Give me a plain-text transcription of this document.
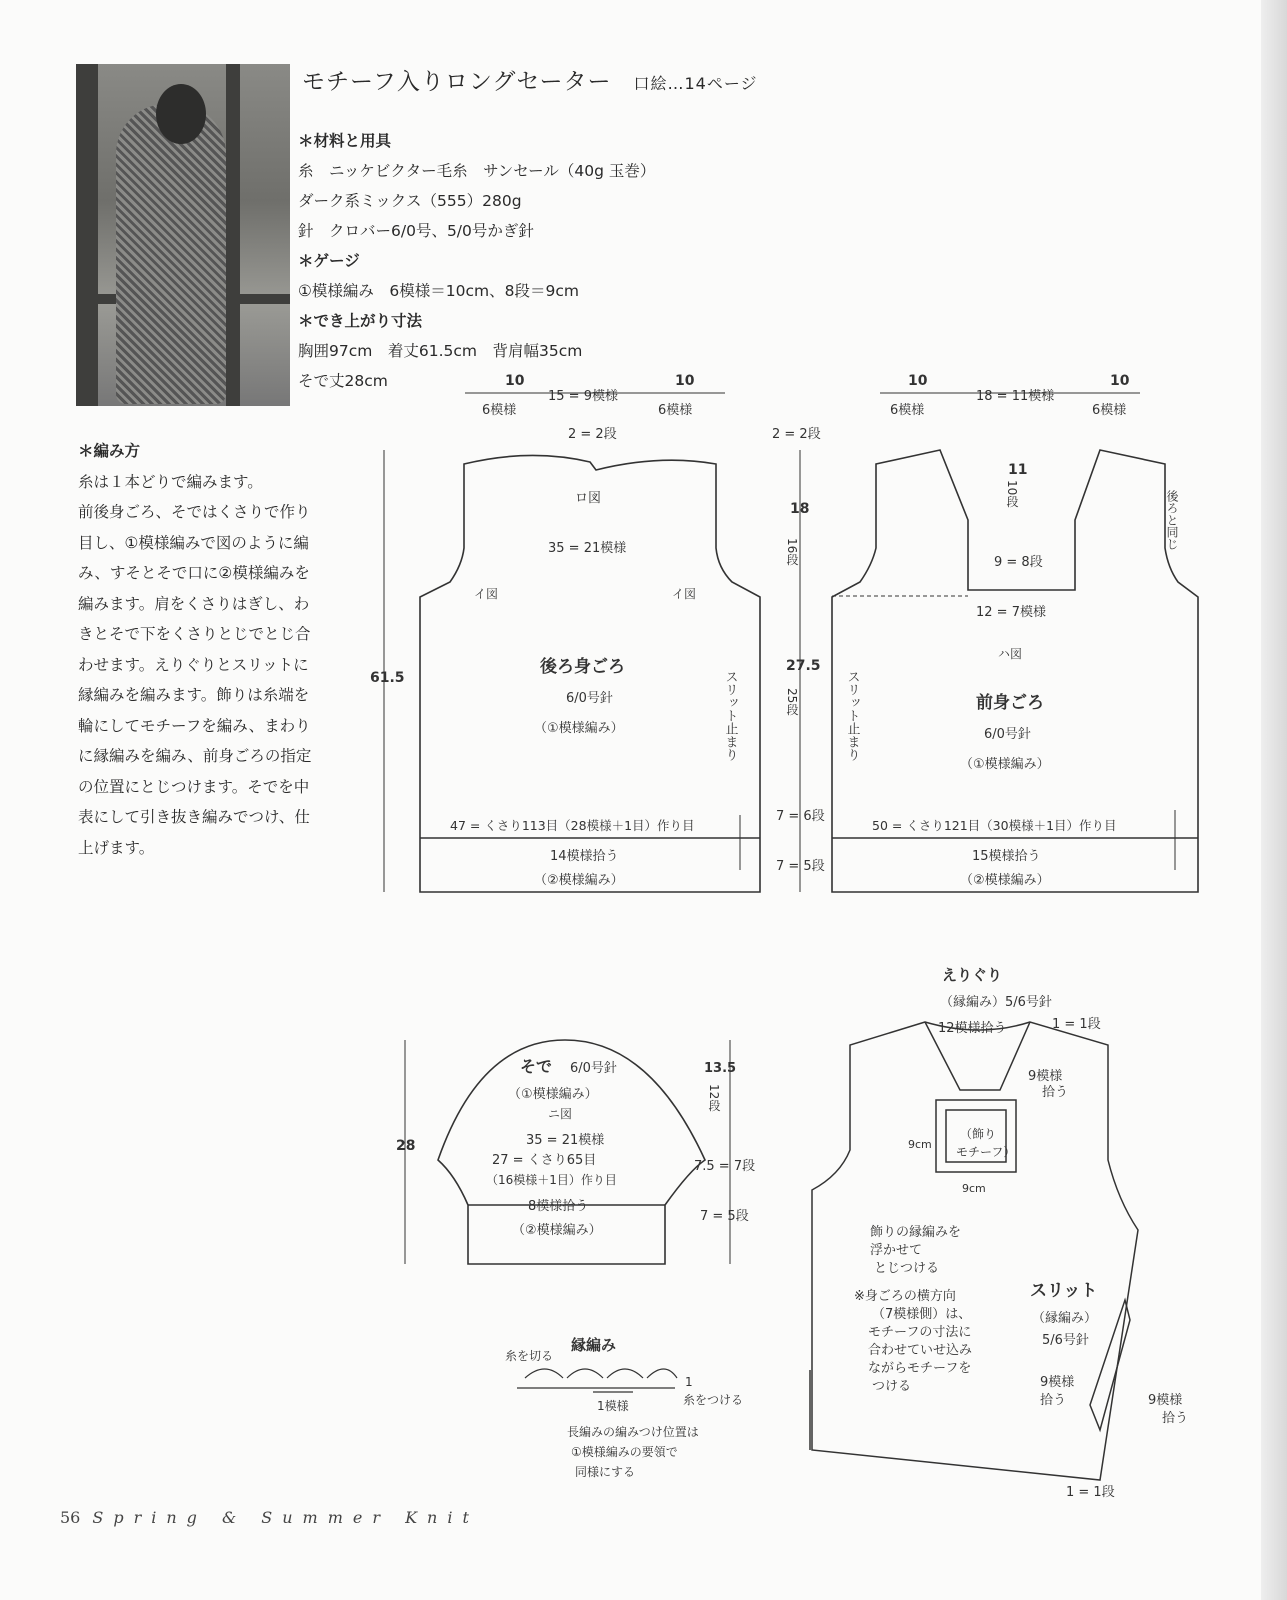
モチーフ入りロングセーター 口絵…14ページ
＊材料と用具
糸　ニッケビクター毛糸　サンセール（40g 玉巻）
ダーク系ミックス（555）280g
針　クロバー6/0号、5/0号かぎ針
＊ゲージ
①模様編み　6模様＝10cm、8段＝9cm
＊でき上がり寸法
胸囲97cm　着丈61.5cm　背肩幅35cm
そで丈28cm
＊編み方
糸は１本どりで編みます。
前後身ごろ、そではくさりで作り
目し、①模様編みで図のように編
み、すそとそで口に②模様編みを
編みます。肩をくさりはぎし、わ
きとそで下をくさりとじでとじ合
わせます。えりぐりとスリットに
縁編みを編みます。飾りは糸端を
輪にしてモチーフを編み、まわり
に縁編みを編み、前身ごろの指定
の位置にとじつけます。そでを中
表にして引き抜き編みでつけ、仕
上げます。
10
6模様
15 = 9模様
10
6模様
2 = 2段
ロ図
35 = 21模様
イ図	イ図
61.5
後ろ身ごろ
6/0号針
（①模様編み）	スリット止まり
47 = くさり113目（28模様＋1目）作り目
14模様拾う
（②模様編み）
10
6模様
18 = 11模様
10
6模様
2 = 2段
18
16段
11
10段
9 = 8段
12 = 7模様
ハ図
後ろと同じ
27.5
25段	前身ごろ
6/0号針
（①模様編み）
スリット止まり
7 = 6段
7 = 5段
50 = くさり121目（30模様＋1目）作り目
15模様拾う
（②模様編み）
そで 6/0号針
（①模様編み）
ニ図
35 = 21模様
27 = くさり65目
（16模様＋1目）作り目
8模様拾う
（②模様編み）
28
13.5
12段
7.5 = 7段
7 = 5段
縁編み
糸を切る
1
糸をつける
1模様
長編みの編みつけ位置は
①模様編みの要領で
同様にする
えりぐり
（縁編み）5/6号針
12模様拾う	1 = 1段
9模様
拾う
（飾り
モチーフ）
9cm
9cm
飾りの縁編みを
浮かせて
とじつける
※身ごろの横方向
（7模様側）は、
モチーフの寸法に
合わせていせ込み
ながらモチーフを
つける
スリット
（縁編み）
5/6号針
9模様
拾う	9模様
拾う
1 = 1段
56 Spring & Summer Knit
